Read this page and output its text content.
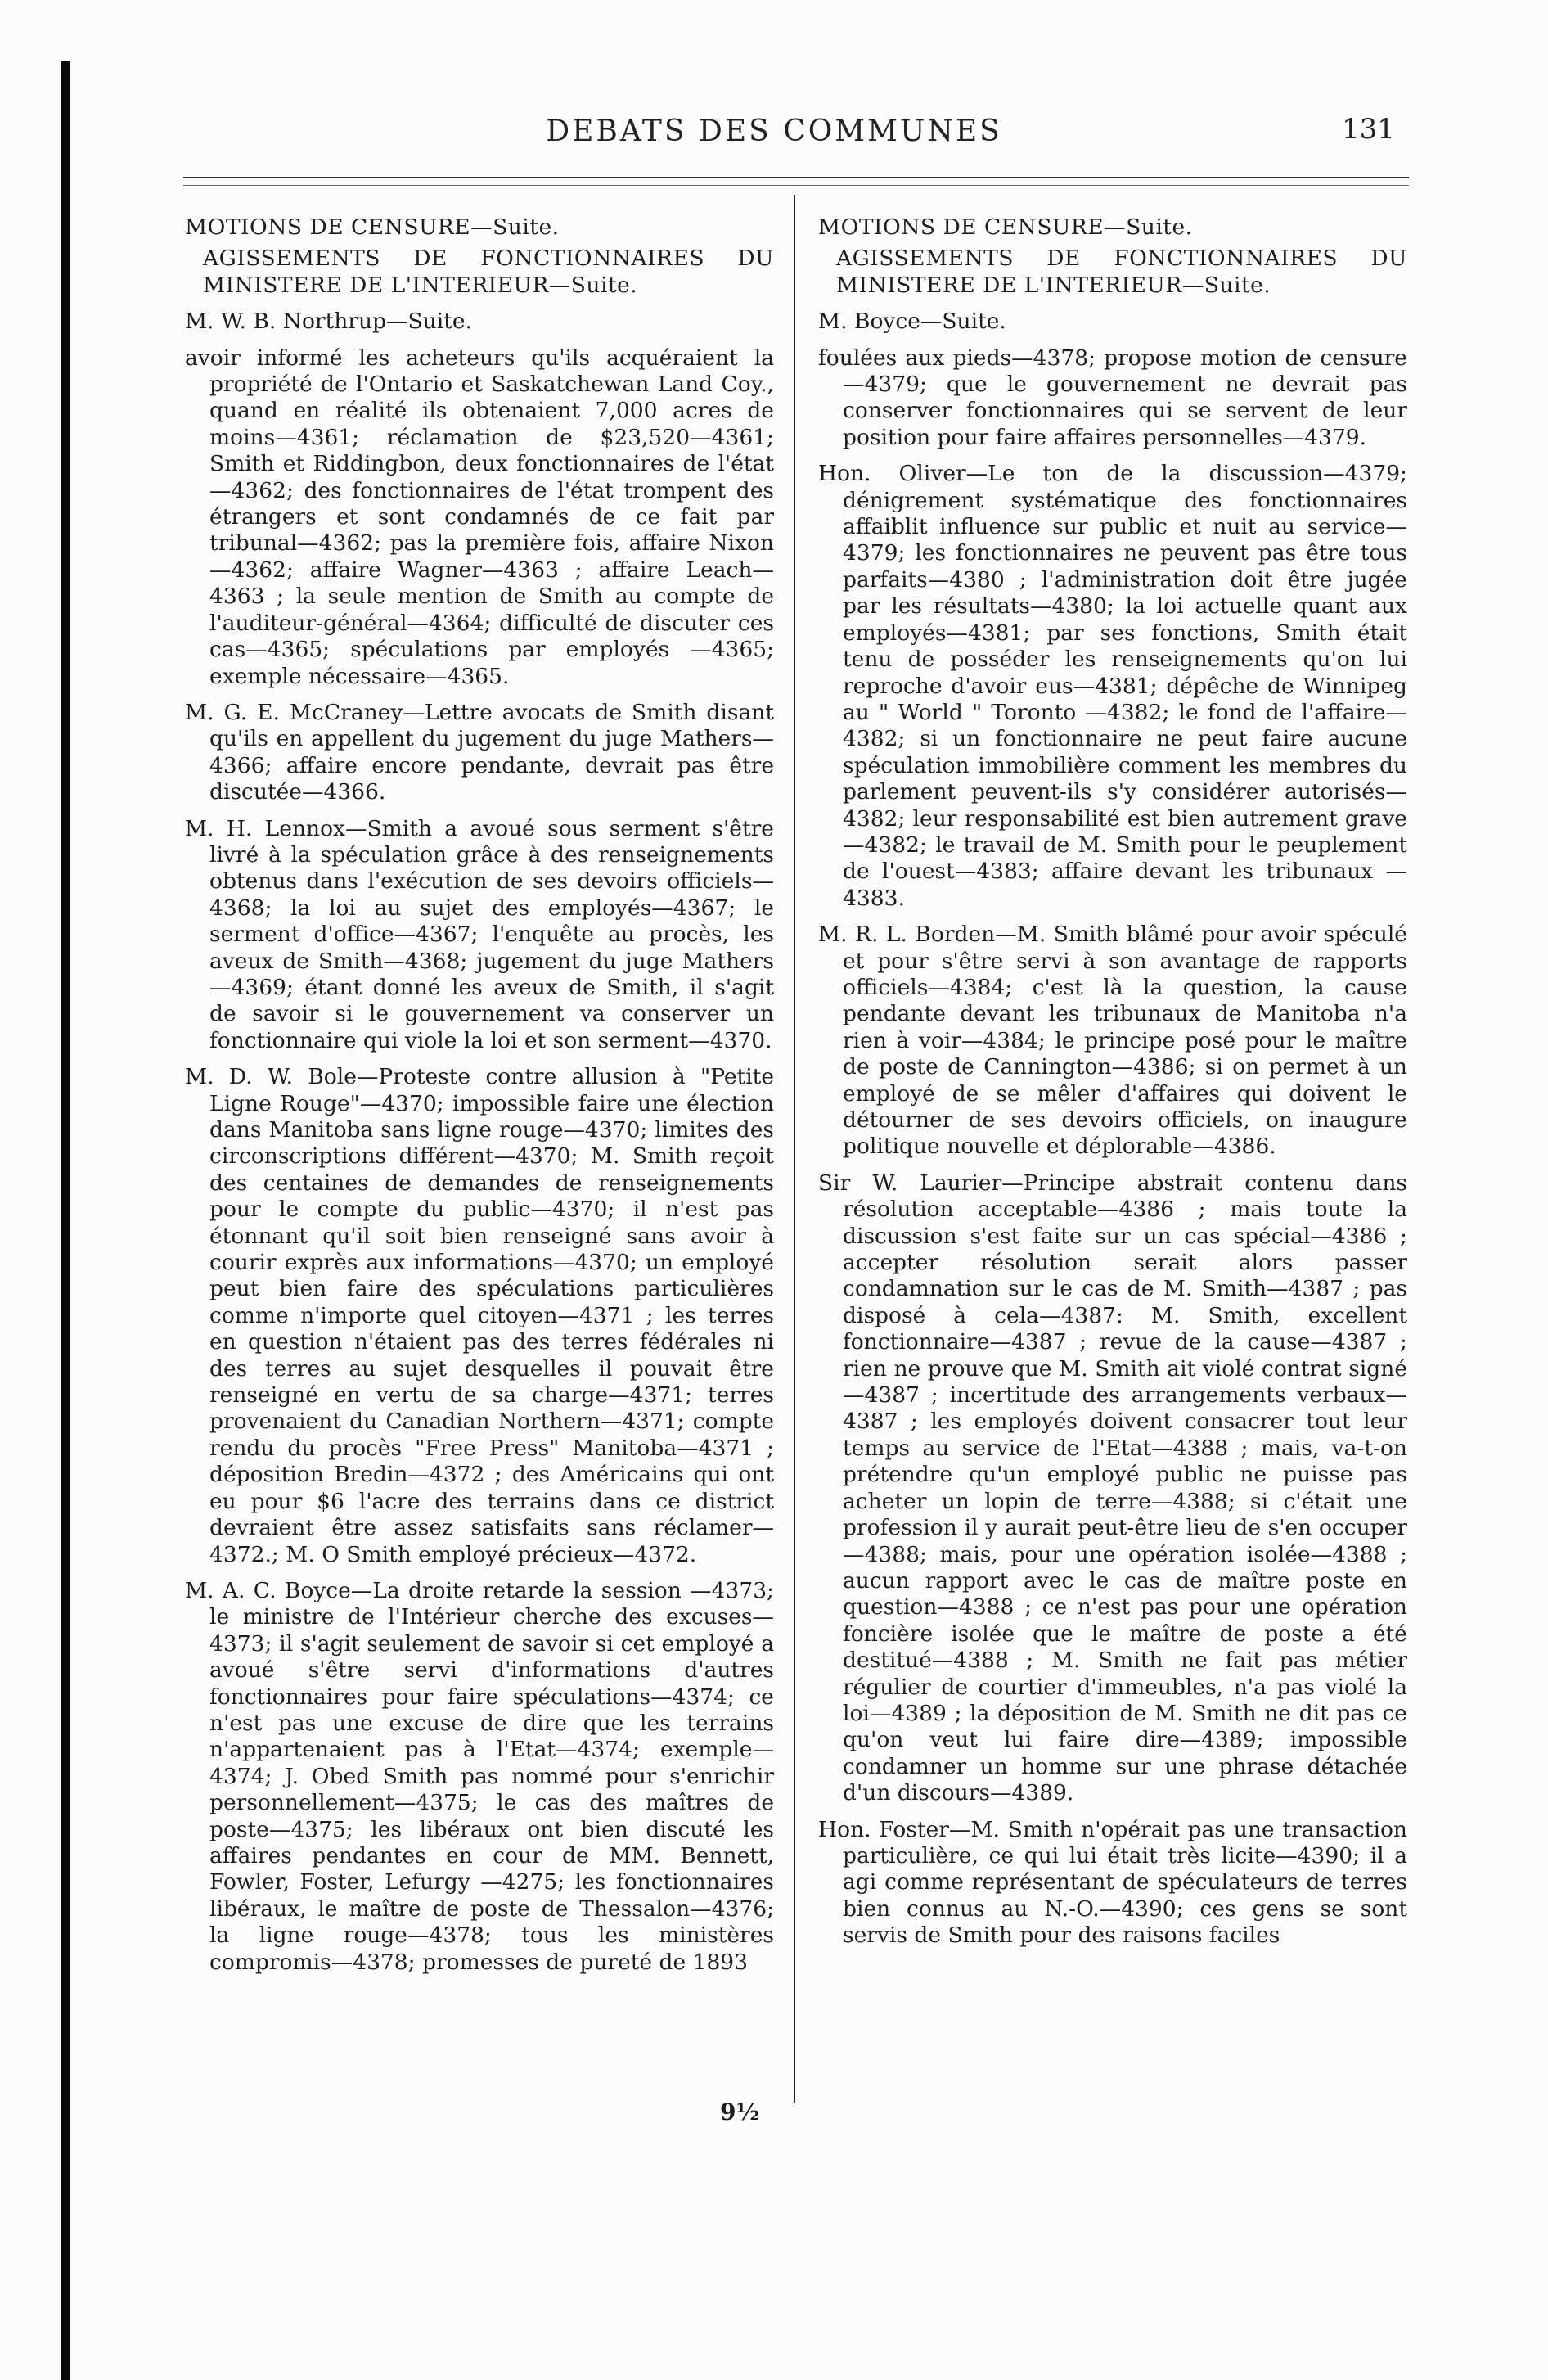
DEBATS DES COMMUNES	131
MOTIONS DE CENSURE—Suite.
AGISSEMENTS DE FONCTIONNAIRES DU MINISTERE DE L'INTERIEUR—Suite.
M. W. B. Northrup—Suite.
avoir informé les acheteurs qu'ils acquéraient la propriété de l'Ontario et Saskatchewan Land Coy., quand en réalité ils obtenaient 7,000 acres de moins—4361; réclamation de $23,520—4361; Smith et Riddingbon, deux fonctionnaires de l'état —4362; des fonctionnaires de l'état trompent des étrangers et sont condamnés de ce fait par tribunal—4362; pas la première fois, affaire Nixon—4362; affaire Wagner—4363 ; affaire Leach—4363 ; la seule mention de Smith au compte de l'auditeur-général—4364; difficulté de discuter ces cas—4365; spéculations par employés —4365; exemple nécessaire—4365.
M. G. E. McCraney—Lettre avocats de Smith disant qu'ils en appellent du jugement du juge Mathers—4366; affaire encore pendante, devrait pas être discutée—4366.
M. H. Lennox—Smith a avoué sous serment s'être livré à la spéculation grâce à des renseignements obtenus dans l'exécution de ses devoirs officiels—4368; la loi au sujet des employés—4367; le serment d'office—4367; l'enquête au procès, les aveux de Smith—4368; jugement du juge Mathers—4369; étant donné les aveux de Smith, il s'agit de savoir si le gouvernement va conserver un fonctionnaire qui viole la loi et son serment—4370.
M. D. W. Bole—Proteste contre allusion à "Petite Ligne Rouge"—4370; impossible faire une élection dans Manitoba sans ligne rouge—4370; limites des circonscriptions différent—4370; M. Smith reçoit des centaines de demandes de renseignements pour le compte du public—4370; il n'est pas étonnant qu'il soit bien renseigné sans avoir à courir exprès aux informations—4370; un employé peut bien faire des spéculations particulières comme n'importe quel citoyen—4371 ; les terres en question n'étaient pas des terres fédérales ni des terres au sujet desquelles il pouvait être renseigné en vertu de sa charge—4371; terres provenaient du Canadian Northern—4371; compte rendu du procès "Free Press" Manitoba—4371 ; déposition Bredin—4372 ; des Américains qui ont eu pour $6 l'acre des terrains dans ce district devraient être assez satisfaits sans réclamer—4372.; M. O Smith employé précieux—4372.
M. A. C. Boyce—La droite retarde la session —4373; le ministre de l'Intérieur cherche des excuses—4373; il s'agit seulement de savoir si cet employé a avoué s'être servi d'informations d'autres fonctionnaires pour faire spéculations—4374; ce n'est pas une excuse de dire que les terrains n'appartenaient pas à l'Etat—4374; exemple—4374; J. Obed Smith pas nommé pour s'enrichir personnellement—4375; le cas des maîtres de poste—4375; les libéraux ont bien discuté les affaires pendantes en cour de MM. Bennett, Fowler, Foster, Lefurgy —4275; les fonctionnaires libéraux, le maître de poste de Thessalon—4376; la ligne rouge—4378; tous les ministères compromis—4378; promesses de pureté de 1893
MOTIONS DE CENSURE—Suite.
AGISSEMENTS DE FONCTIONNAIRES DU MINISTERE DE L'INTERIEUR—Suite.
M. Boyce—Suite.
foulées aux pieds—4378; propose motion de censure—4379; que le gouvernement ne devrait pas conserver fonctionnaires qui se servent de leur position pour faire affaires personnelles—4379.
Hon. Oliver—Le ton de la discussion—4379; dénigrement systématique des fonctionnaires affaiblit influence sur public et nuit au service—4379; les fonctionnaires ne peuvent pas être tous parfaits—4380 ; l'administration doit être jugée par les résultats—4380; la loi actuelle quant aux employés—4381; par ses fonctions, Smith était tenu de posséder les renseignements qu'on lui reproche d'avoir eus—4381; dépêche de Winnipeg au " World " Toronto —4382; le fond de l'affaire—4382; si un fonctionnaire ne peut faire aucune spéculation immobilière comment les membres du parlement peuvent-ils s'y considérer autorisés—4382; leur responsabilité est bien autrement grave—4382; le travail de M. Smith pour le peuplement de l'ouest—4383; affaire devant les tribunaux —4383.
M. R. L. Borden—M. Smith blâmé pour avoir spéculé et pour s'être servi à son avantage de rapports officiels—4384; c'est là la question, la cause pendante devant les tribunaux de Manitoba n'a rien à voir—4384; le principe posé pour le maître de poste de Cannington—4386; si on permet à un employé de se mêler d'affaires qui doivent le détourner de ses devoirs officiels, on inaugure politique nouvelle et déplorable—4386.
Sir W. Laurier—Principe abstrait contenu dans résolution acceptable—4386 ; mais toute la discussion s'est faite sur un cas spécial—4386 ; accepter résolution serait alors passer condamnation sur le cas de M. Smith—4387 ; pas disposé à cela—4387: M. Smith, excellent fonctionnaire—4387 ; revue de la cause—4387 ; rien ne prouve que M. Smith ait violé contrat signé—4387 ; incertitude des arrangements verbaux—4387 ; les employés doivent consacrer tout leur temps au service de l'Etat—4388 ; mais, va-t-on prétendre qu'un employé public ne puisse pas acheter un lopin de terre—4388; si c'était une profession il y aurait peut-être lieu de s'en occuper—4388; mais, pour une opération isolée—4388 ; aucun rapport avec le cas de maître poste en question—4388 ; ce n'est pas pour une opération foncière isolée que le maître de poste a été destitué—4388 ; M. Smith ne fait pas métier régulier de courtier d'immeubles, n'a pas violé la loi—4389 ; la déposition de M. Smith ne dit pas ce qu'on veut lui faire dire—4389; impossible condamner un homme sur une phrase détachée d'un discours—4389.
Hon. Foster—M. Smith n'opérait pas une transaction particulière, ce qui lui était très licite—4390; il a agi comme représentant de spéculateurs de terres bien connus au N.-O.—4390; ces gens se sont servis de Smith pour des raisons faciles
9½
